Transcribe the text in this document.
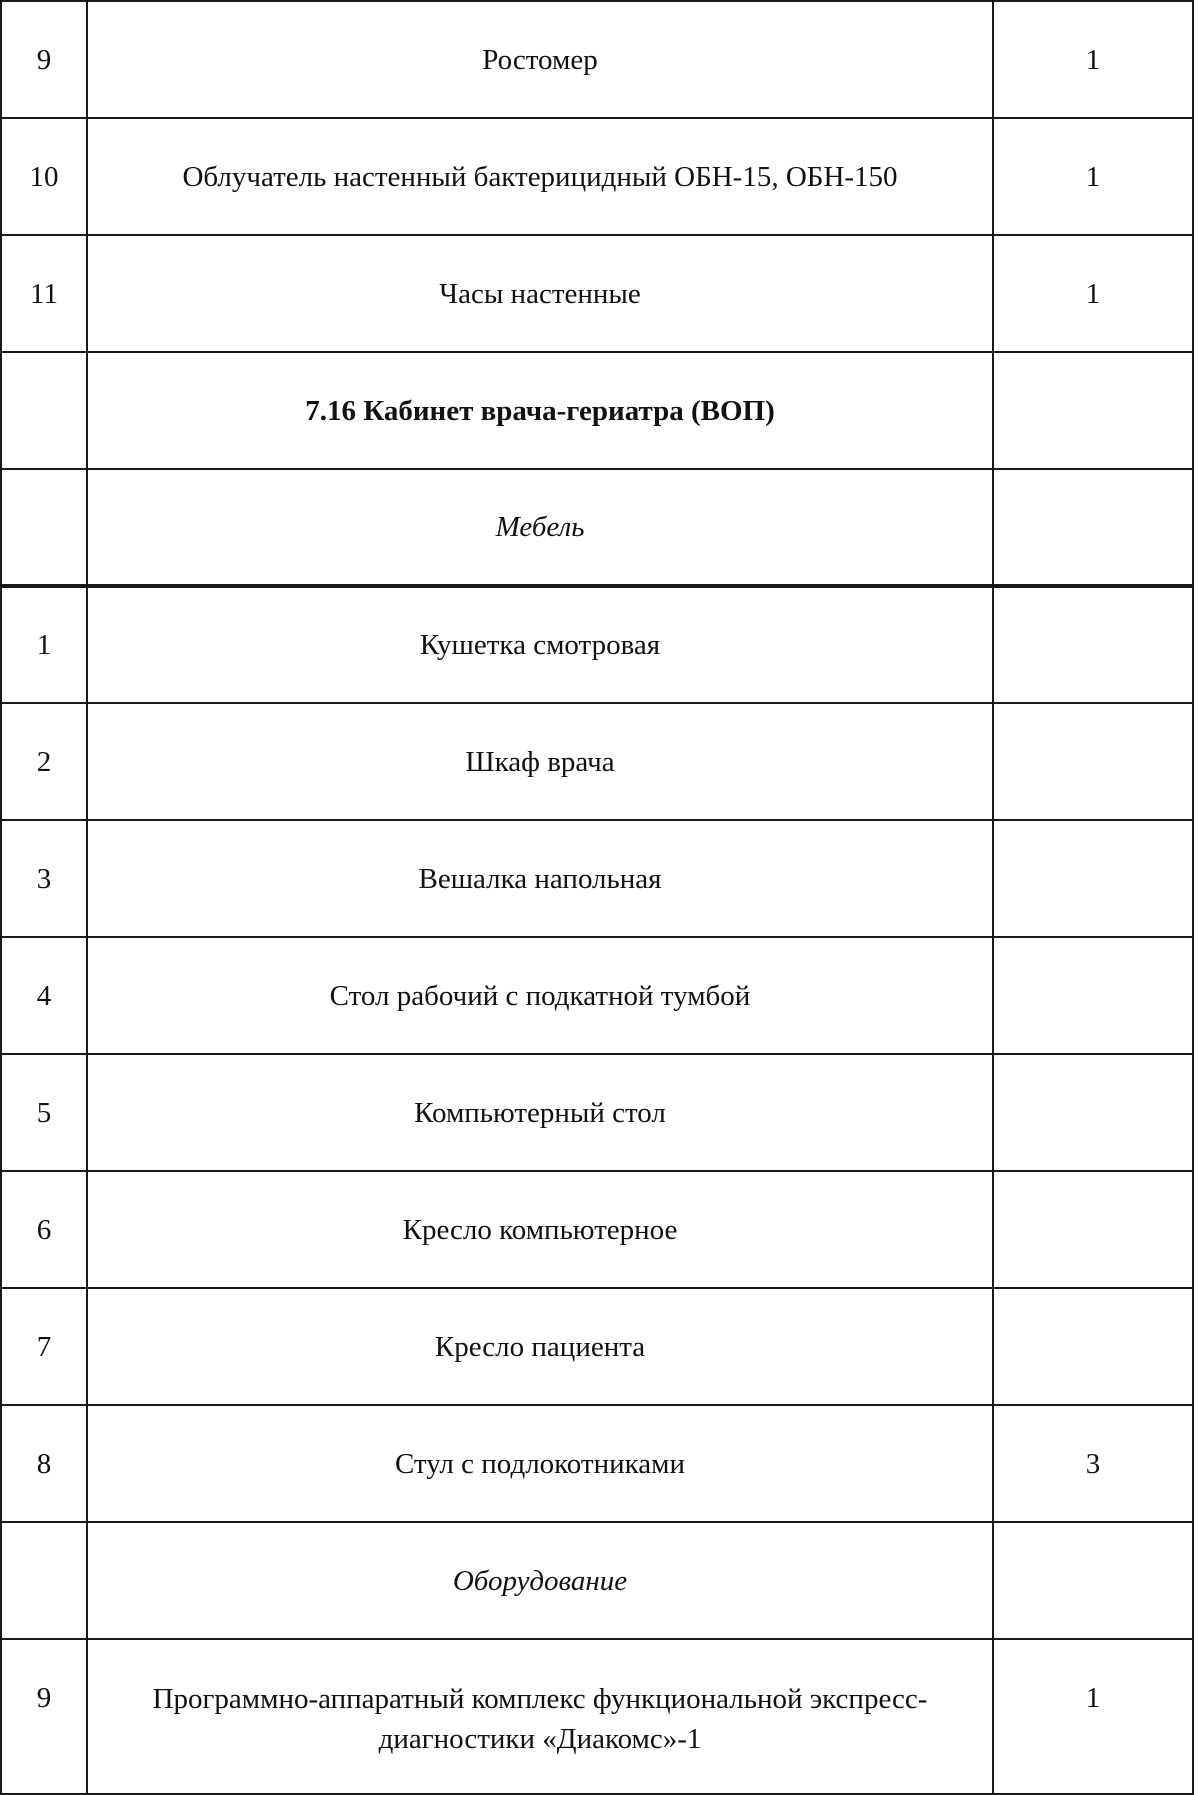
9	Ростомер	1
10	Облучатель настенный бактерицидный ОБН-15, ОБН-150	1
11	Часы настенные	1
	7.16 Кабинет врача-гериатра (ВОП)	
	Мебель	
1	Кушетка смотровая	
2	Шкаф врача	
3	Вешалка напольная	
4	Стол рабочий с подкатной тумбой	
5	Компьютерный стол	
6	Кресло компьютерное	
7	Кресло пациента	
8	Стул с подлокотниками	3
	Оборудование	
9	Программно-аппаратный комплекс функциональной экспресс-диагностики «Диакомс»-1	1
